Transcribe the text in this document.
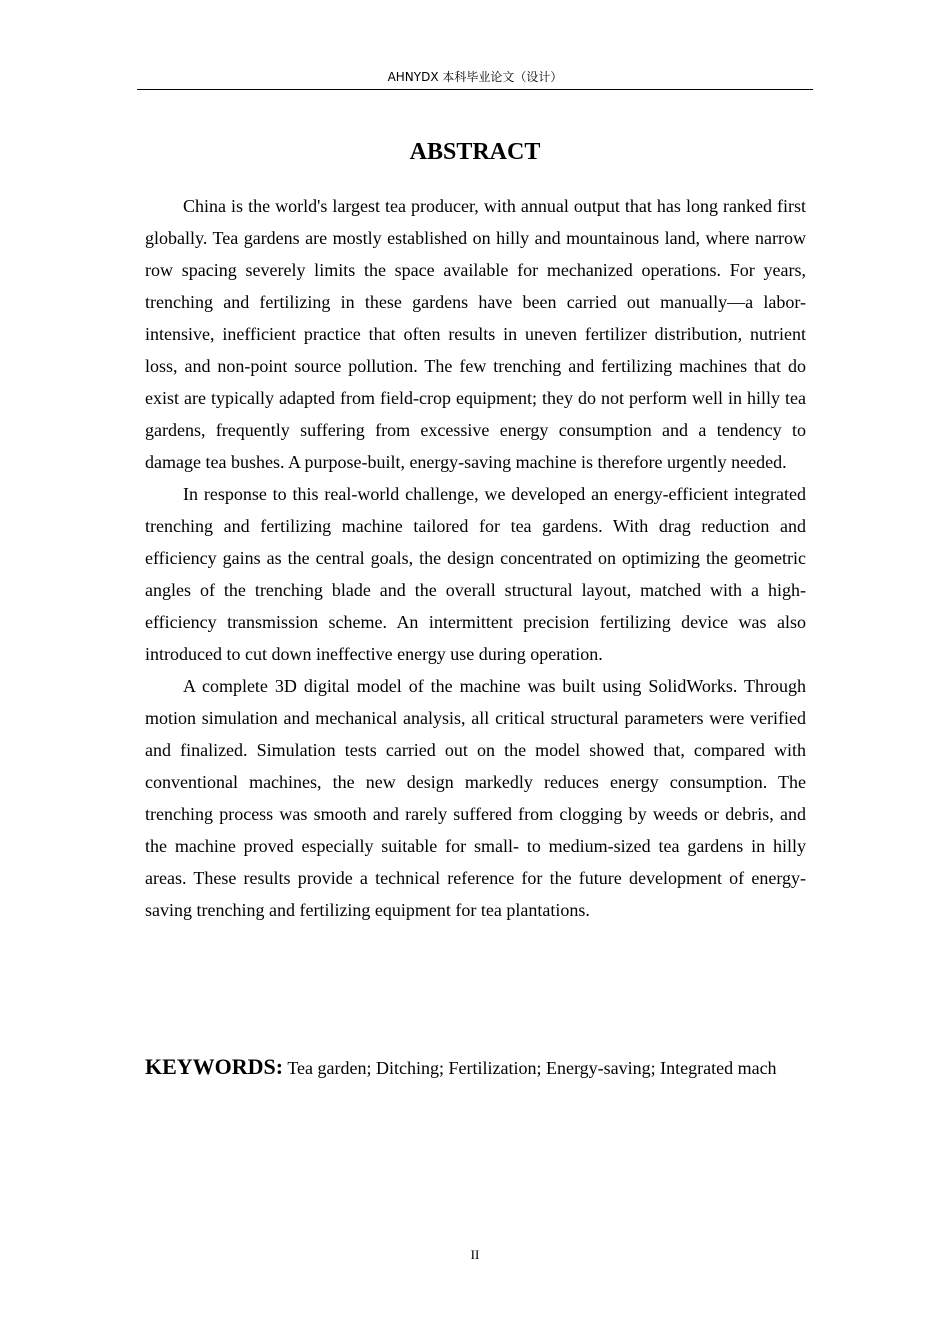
AHNYDX 本科毕业论文（设计）
ABSTRACT

China is the world's largest tea producer, with annual output that has long ranked first globally. Tea gardens are mostly established on hilly and mountainous land, where narrow row spacing severely limits the space available for mechanized operations. For years, trenching and fertilizing in these gardens have been carried out manually—a labor-intensive, inefficient practice that often results in uneven fertilizer distribution, nutrient loss, and non-point source pollution. The few trenching and fertilizing machines that do exist are typically adapted from field-crop equipment; they do not perform well in hilly tea gardens, frequently suffering from excessive energy consumption and a tendency to damage tea bushes. A purpose-built, energy-saving machine is therefore urgently needed.

In response to this real-world challenge, we developed an energy-efficient integrated trenching and fertilizing machine tailored for tea gardens. With drag reduction and efficiency gains as the central goals, the design concentrated on optimizing the geometric angles of the trenching blade and the overall structural layout, matched with a high-efficiency transmission scheme. An intermittent precision fertilizing device was also introduced to cut down ineffective energy use during operation.

A complete 3D digital model of the machine was built using SolidWorks. Through motion simulation and mechanical analysis, all critical structural parameters were verified and finalized. Simulation tests carried out on the model showed that, compared with conventional machines, the new design markedly reduces energy consumption. The trenching process was smooth and rarely suffered from clogging by weeds or debris, and the machine proved especially suitable for small- to medium-sized tea gardens in hilly areas. These results provide a technical reference for the future development of energy-saving trenching and fertilizing equipment for tea plantations.

KEYWORDS: Tea garden; Ditching; Fertilization; Energy-saving; Integrated mach

II
